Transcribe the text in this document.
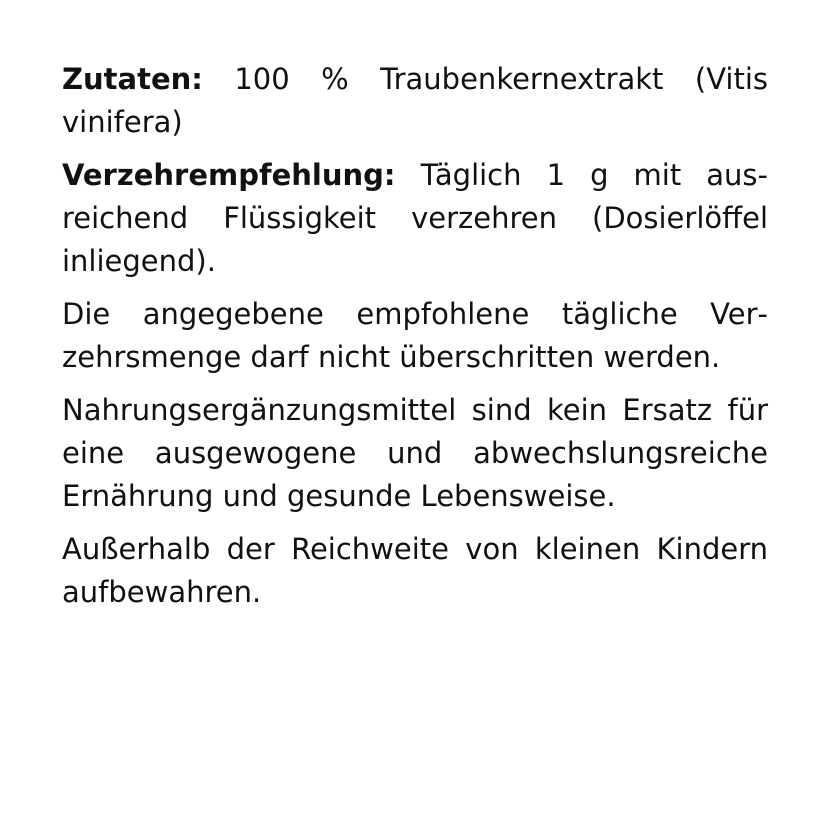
Zutaten: 100 % Traubenkernextrakt (Vitis vinifera)

Verzehrempfehlung: Täglich 1 g mit ausreichend Flüssigkeit verzehren (Dosierlöffel inliegend).

Die angegebene empfohlene tägliche Verzehrsmenge darf nicht überschritten werden.

Nahrungsergänzungsmittel sind kein Ersatz für eine ausgewogene und abwechslungsreiche Ernährung und gesunde Lebensweise.

Außerhalb der Reichweite von kleinen Kindern aufbewahren.
